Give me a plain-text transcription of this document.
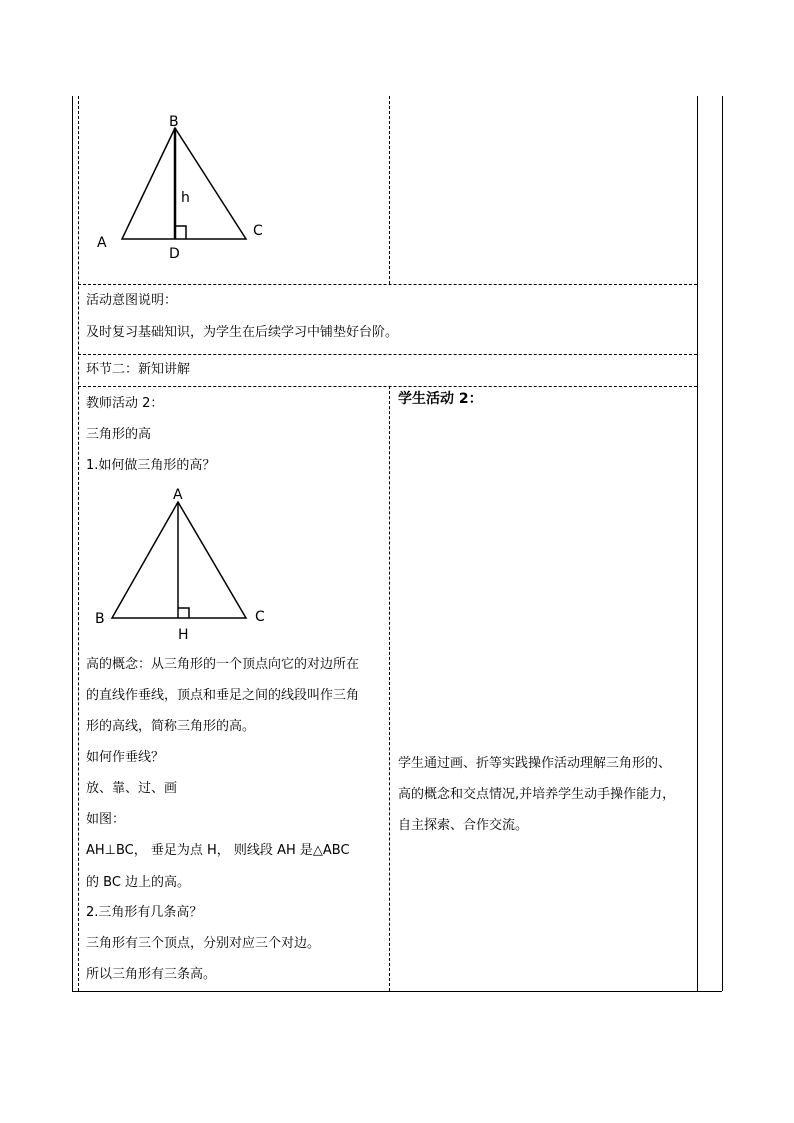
B
h
A
C
D
活动意图说明：
及时复习基础知识，为学生在后续学习中铺垫好台阶。
环节二：新知讲解
教师活动 2：
三角形的高
1.如何做三角形的高？
A
B	C
H
高的概念：从三角形的一个顶点向它的对边所在
的直线作垂线，顶点和垂足之间的线段叫作三角
形的高线，简称三角形的高。
如何作垂线？
放、靠、过、画
如图：
AH⊥BC， 垂足为点 H， 则线段 AH 是△ABC
的 BC 边上的高。
2.三角形有几条高？
三角形有三个顶点，分别对应三个对边。
所以三角形有三条高。
学生活动 2：
学生通过画、折等实践操作活动理解三角形的、
高的概念和交点情况,并培养学生动手操作能力，
自主探索、合作交流。
